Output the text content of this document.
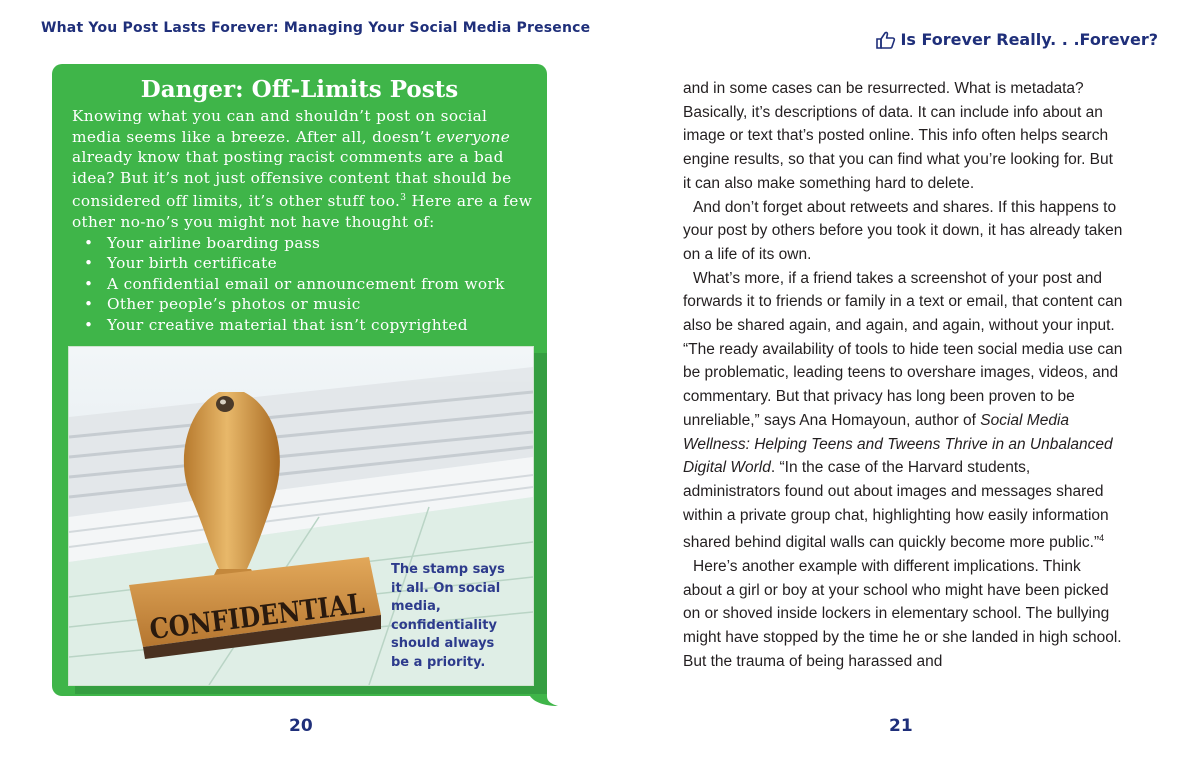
What You Post Lasts Forever: Managing Your Social Media Presence
Is Forever Really. . .Forever?
Danger: Off-Limits Posts

Knowing what you can and shouldn’t post on social media seems like a breeze. After all, doesn’t everyone already know that posting racist comments are a bad idea? But it’s not just offensive content that should be considered off limits, it’s other stuff too.$^3$ Here are a few other no-no’s you might not have thought of:

• Your airline boarding pass
• Your birth certificate
• A confidential email or announcement from work
• Other people’s photos or music
• Your creative material that isn’t copyrighted
CONFIDENTIAL
The stamp says it all. On social media, confidentiality should always be a priority.
20	21

and in some cases can be resurrected. What is metadata? Basically, it’s descriptions of data. It can include info about an image or text that’s posted online. This info often helps search engine results, so that you can find what you’re looking for. But it can also make something hard to delete.

And don’t forget about retweets and shares. If this happens to your post by others before you took it down, it has already taken on a life of its own.

What’s more, if a friend takes a screenshot of your post and forwards it to friends or family in a text or email, that content can also be shared again, and again, and again, without your input. “The ready availability of tools to hide teen social media use can be problematic, leading teens to overshare images, videos, and commentary. But that privacy has long been proven to be unreliable,” says Ana Homayoun, author of Social Media Wellness: Helping Teens and Tweens Thrive in an Unbalanced Digital World. “In the case of the Harvard students, administrators found out about images and messages shared within a private group chat, highlighting how easily information shared behind digital walls can quickly become more public.”$^4$

Here’s another example with different implications. Think about a girl or boy at your school who might have been picked on or shoved inside lockers in elementary school. The bullying might have stopped by the time he or she landed in high school. But the trauma of being harassed and
